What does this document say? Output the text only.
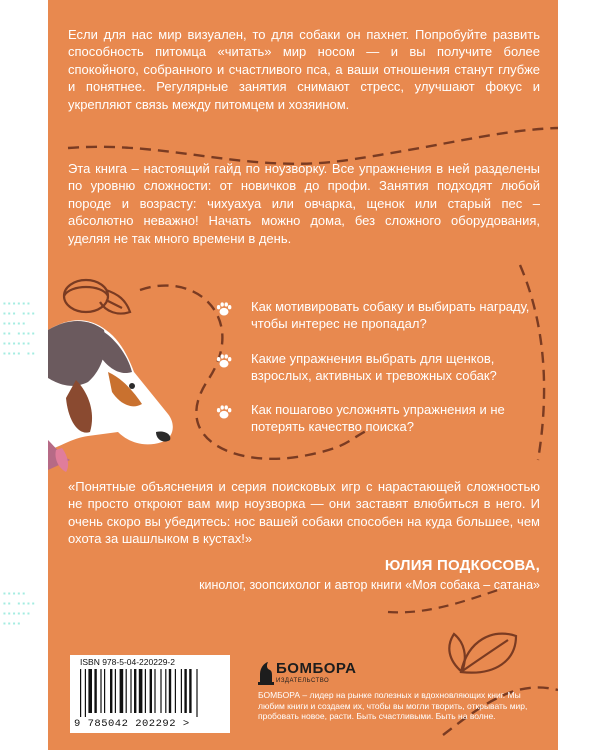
▪▪▪▪ ▪▪▪
▪▪▪▪▪▪
▪▪ ▪▪▪▪

▪▪▪ ▪▪▪
▪▪▪▪▪▪▪
▪▪▪▪▪▪
▪▪▪ ▪▪▪
▪▪▪▪▪
▪▪ ▪▪▪▪
▪▪▪▪▪▪
▪▪▪▪ ▪▪
▪▪▪▪▪
▪▪ ▪▪▪▪
▪▪▪▪▪▪
▪▪▪▪

Если для нас мир визуален, то для собаки он пахнет. Попробуйте развить способность питомца «читать» мир носом — и вы получите более спокойного, собранного и счастливого пса, а ваши отношения станут глубже и понятнее. Регулярные занятия снимают стресс, улучшают фокус и укрепляют связь между питомцем и хозяином.

Эта книга – настоящий гайд по ноузворку. Все упражнения в ней разделены по уровню сложности: от новичков до профи. Занятия подходят любой породе и возрасту: чихуахуа или овчарка, щенок или старый пес – абсолютно неважно! Начать можно дома, без сложного оборудования, уделяя не так много времени в день.

Как мотивировать собаку и выбирать награду, чтобы интерес не пропадал?

Какие упражнения выбрать для щенков, взрослых, активных и тревожных собак?

Как пошагово усложнять упражнения и не потерять качество поиска?

«Понятные объяснения и серия поисковых игр с нарастающей сложностью не просто откроют вам мир ноузворка — они заставят влюбиться в него. И очень скоро вы убедитесь: нос вашей собаки способен на куда большее, чем охота за шашлыком в кустах!»

ЮЛИЯ ПОДКОСОВА,
кинолог, зоопсихолог и автор книги «Моя собака – сатана»
ISBN 978-5-04-220229-2
9 785042 202292 >
БОМБОРА
ИЗДАТЕЛЬСТВО

БОМБОРА – лидер на рынке полезных и вдохновляющих книг. Мы любим книги и создаем их, чтобы вы могли творить, открывать мир, пробовать новое, расти. Быть счастливыми. Быть на волне.
